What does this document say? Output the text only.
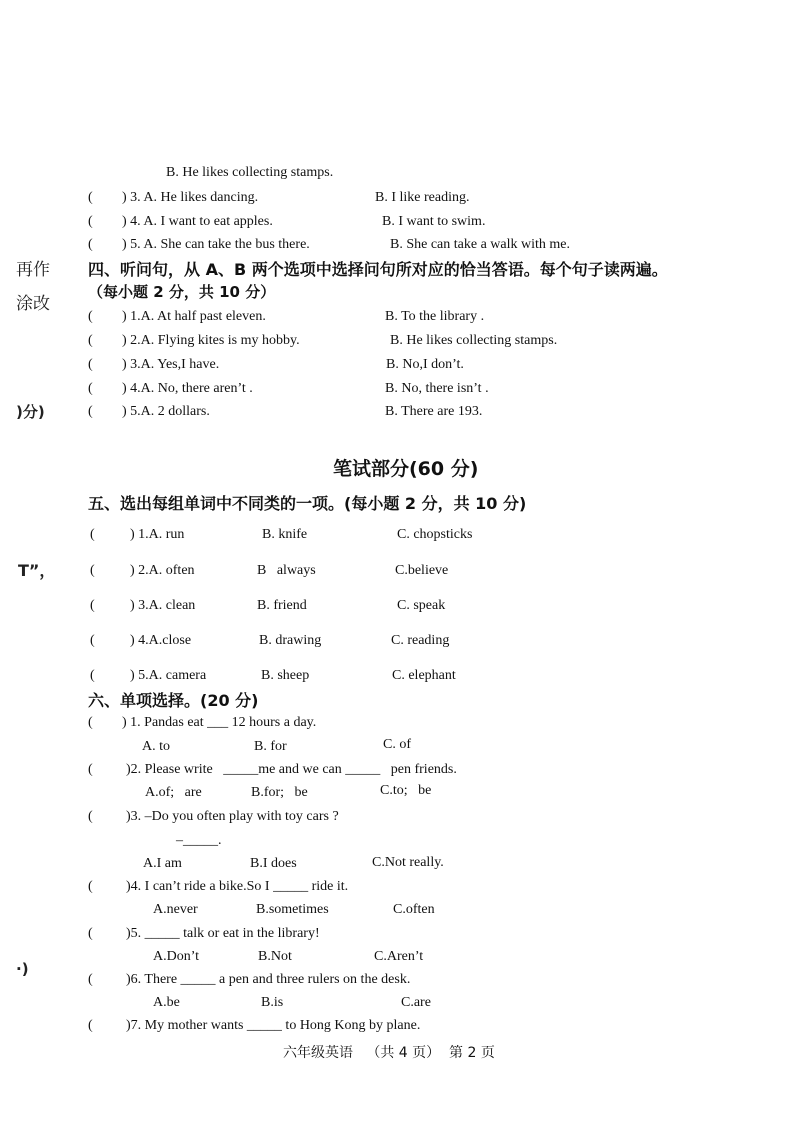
再作
涂改
)分)
T”，
·)
B. He likes collecting stamps.
( ) 3. A. He likes dancing.	B. I like reading.
( ) 4. A. I want to eat apples.	B. I want to swim.
( ) 5. A. She can take the bus there.	B. She can take a walk with me.
四、听问句，从 A、B 两个选项中选择问句所对应的恰当答语。每个句子读两遍。
（每小题 2 分，共 10 分）
( ) 1.A. At half past eleven.	B. To the library .
( ) 2.A. Flying kites is my hobby.	B. He likes collecting stamps.
( ) 3.A. Yes,I have.	B. No,I don’t.
( ) 4.A. No, there aren’t .	B. No, there isn’t .
( ) 5.A. 2 dollars.	B. There are 193.
笔试部分(60 分)
五、选出每组单词中不同类的一项。(每小题 2 分，共 10 分)
(	) 1.A. run	B. knife	C. chopsticks
(	) 2.A. often	B   always	C.believe
(	) 3.A. clean	B. friend	C. speak
(	) 4.A.close	B. drawing	C. reading
(	) 5.A. camera	B. sheep	C. elephant
六、单项选择。(20 分)
( ) 1. Pandas eat ___ 12 hours a day.
A. to	B. for	C. of
( )2. Please write   _____me and we can _____   pen friends.
A.of;   are	B.for;   be	C.to;   be
( )3. –Do you often play with toy cars ?
–_____.
A.I am	B.I does	C.Not really.
( )4. I can’t ride a bike.So I _____ ride it.
A.never	B.sometimes	C.often
( )5. _____ talk or eat in the library!
A.Don’t	B.Not	C.Aren’t
( )6. There _____ a pen and three rulers on the desk.
A.be	B.is	C.are
( )7. My mother wants _____ to Hong Kong by plane.
六年级英语   （共 4 页）  第 2 页
